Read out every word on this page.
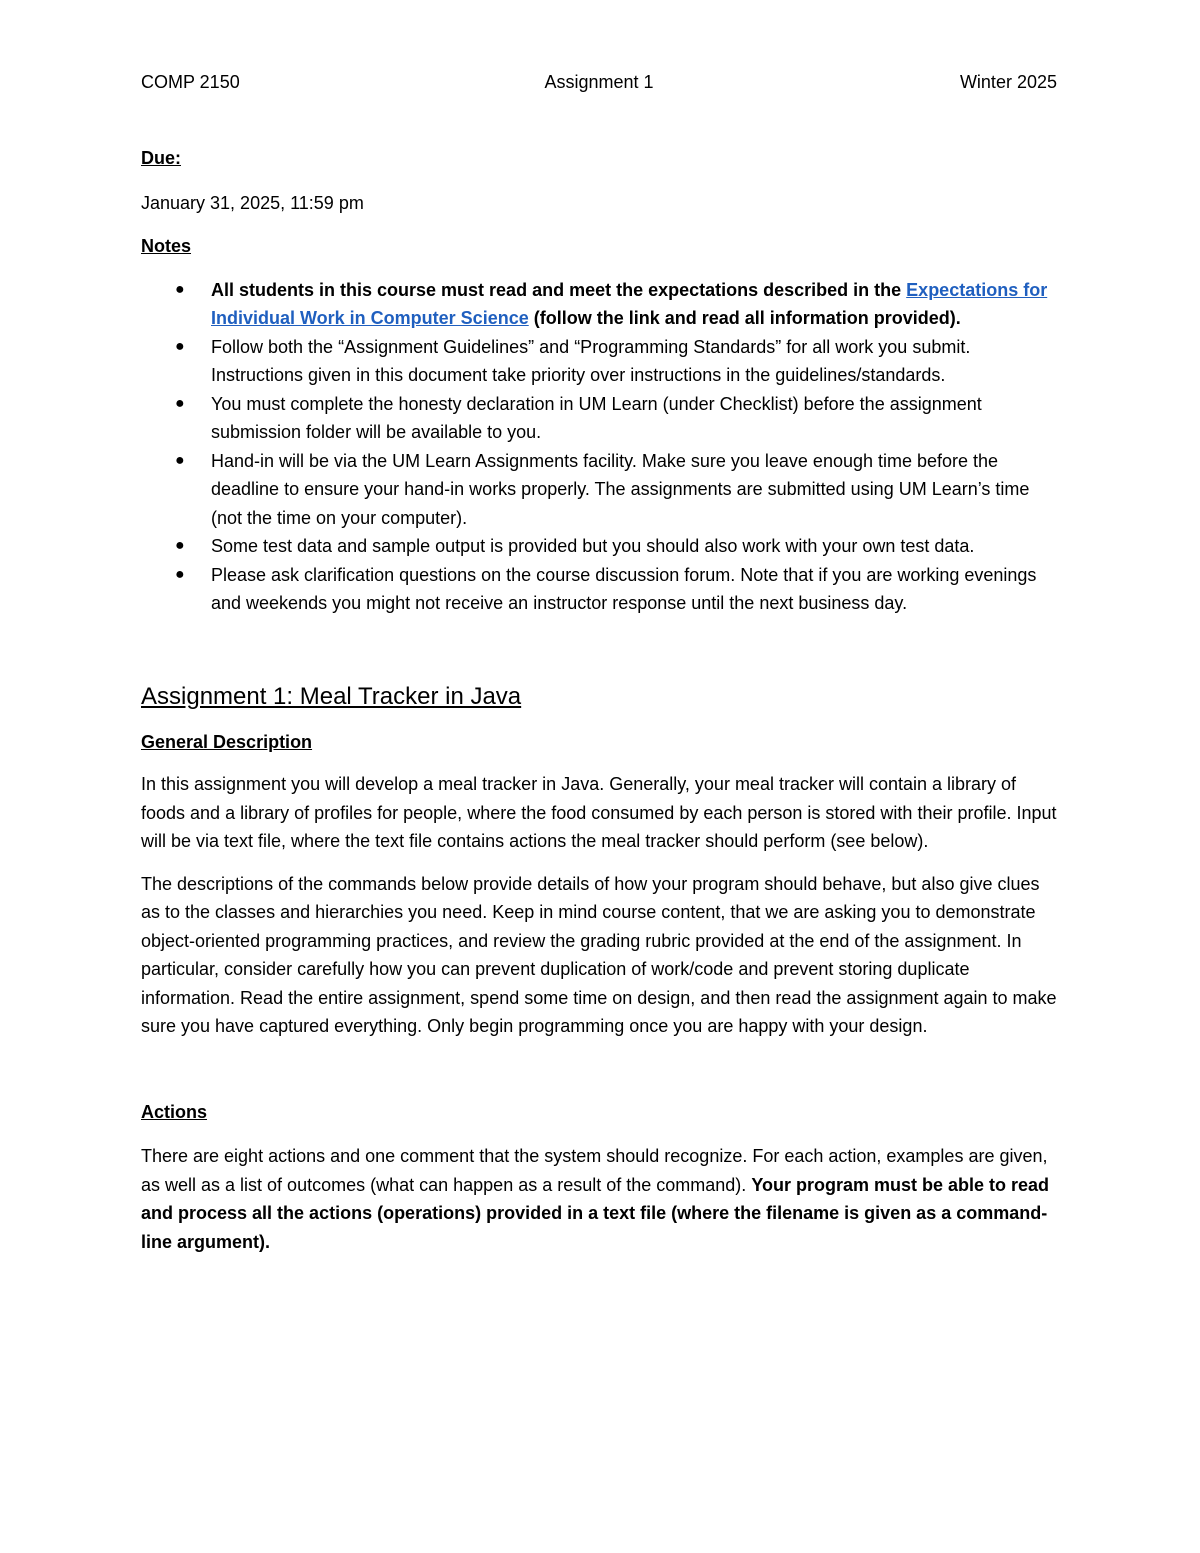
COMP 2150	Assignment 1	Winter 2025

Due:

January 31, 2025, 11:59 pm

Notes

● All students in this course must read and meet the expectations described in the Expectations for Individual Work in Computer Science (follow the link and read all information provided).
● Follow both the “Assignment Guidelines” and “Programming Standards” for all work you submit. Instructions given in this document take priority over instructions in the guidelines/standards.
● You must complete the honesty declaration in UM Learn (under Checklist) before the assignment submission folder will be available to you.
● Hand-in will be via the UM Learn Assignments facility. Make sure you leave enough time before the deadline to ensure your hand-in works properly. The assignments are submitted using UM Learn’s time (not the time on your computer).
● Some test data and sample output is provided but you should also work with your own test data.
● Please ask clarification questions on the course discussion forum. Note that if you are working evenings and weekends you might not receive an instructor response until the next business day.

Assignment 1: Meal Tracker in Java

General Description

In this assignment you will develop a meal tracker in Java. Generally, your meal tracker will contain a library of foods and a library of profiles for people, where the food consumed by each person is stored with their profile. Input will be via text file, where the text file contains actions the meal tracker should perform (see below).

The descriptions of the commands below provide details of how your program should behave, but also give clues as to the classes and hierarchies you need. Keep in mind course content, that we are asking you to demonstrate object-oriented programming practices, and review the grading rubric provided at the end of the assignment. In particular, consider carefully how you can prevent duplication of work/code and prevent storing duplicate information. Read the entire assignment, spend some time on design, and then read the assignment again to make sure you have captured everything. Only begin programming once you are happy with your design.

Actions

There are eight actions and one comment that the system should recognize. For each action, examples are given, as well as a list of outcomes (what can happen as a result of the command). Your program must be able to read and process all the actions (operations) provided in a text file (where the filename is given as a command-line argument).
